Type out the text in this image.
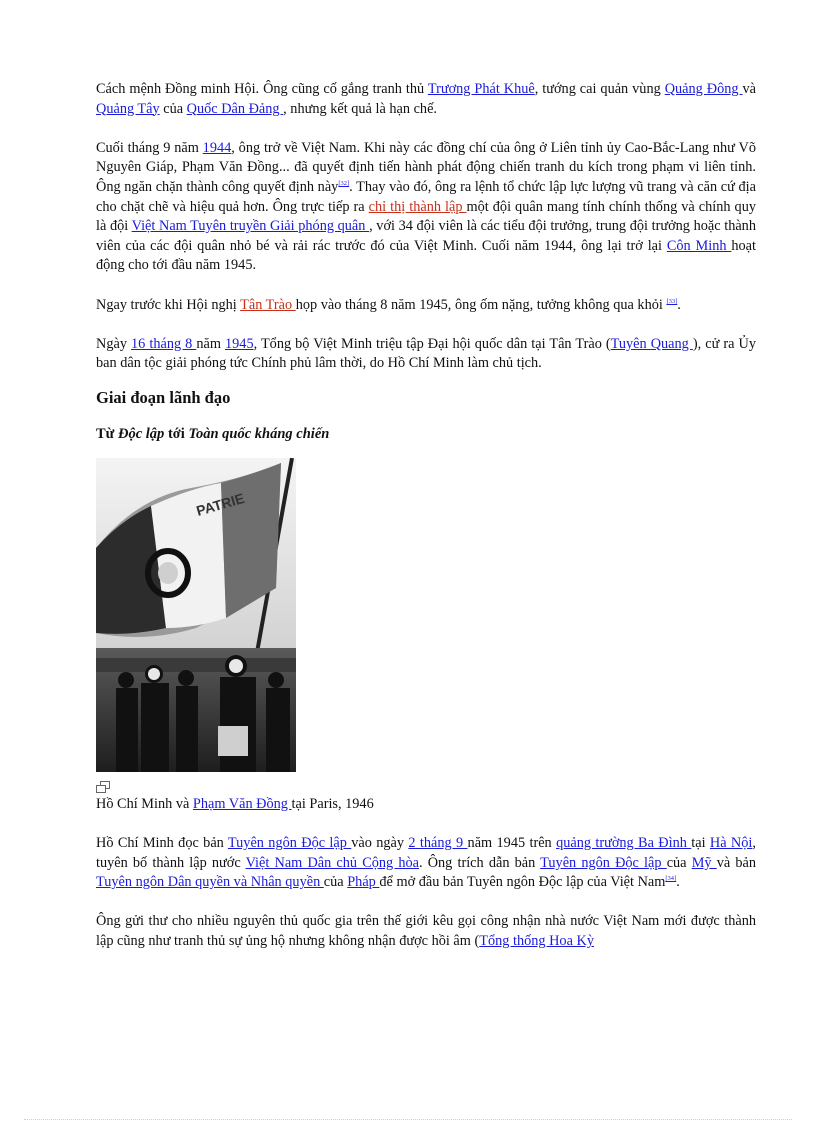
Cách mệnh Đồng minh Hội. Ông cũng cố gắng tranh thủ Trương Phát Khuê, tướng cai quản vùng Quảng Đông và Quảng Tây của Quốc Dân Đảng , nhưng kết quả là hạn chế.

Cuối tháng 9 năm 1944, ông trở về Việt Nam. Khi này các đồng chí của ông ở Liên tỉnh ủy Cao-Bắc-Lang như Võ Nguyên Giáp, Phạm Văn Đồng... đã quyết định tiến hành phát động chiến tranh du kích trong phạm vi liên tỉnh. Ông ngăn chặn thành công quyết định này[32]. Thay vào đó, ông ra lệnh tổ chức lập lực lượng vũ trang và căn cứ địa cho chặt chẽ và hiệu quả hơn. Ông trực tiếp ra chỉ thị thành lập một đội quân mang tính chính thống và chính quy là đội Việt Nam Tuyên truyền Giải phóng quân , với 34 đội viên là các tiểu đội trưởng, trung đội trưởng hoặc thành viên của các đội quân nhỏ bé và rải rác trước đó của Việt Minh. Cuối năm 1944, ông lại trở lại Côn Minh hoạt động cho tới đầu năm 1945.

Ngay trước khi Hội nghị Tân Trào họp vào tháng 8 năm 1945, ông ốm nặng, tưởng không qua khỏi [33].

Ngày 16 tháng 8 năm 1945, Tổng bộ Việt Minh triệu tập Đại hội quốc dân tại Tân Trào (Tuyên Quang ), cử ra Ủy ban dân tộc giải phóng tức Chính phủ lâm thời, do Hồ Chí Minh làm chủ tịch.

Giai đoạn lãnh đạo
Từ Độc lập tới Toàn quốc kháng chiến
PATRIE

Hồ Chí Minh và Phạm Văn Đồng tại Paris, 1946

Hồ Chí Minh đọc bản Tuyên ngôn Độc lập vào ngày 2 tháng 9 năm 1945 trên quảng trường Ba Đình tại Hà Nội, tuyên bố thành lập nước Việt Nam Dân chủ Cộng hòa. Ông trích dẫn bản Tuyên ngôn Độc lập của Mỹ và bản Tuyên ngôn Dân quyền và Nhân quyền của Pháp để mở đầu bản Tuyên ngôn Độc lập của Việt Nam[34].

Ông gửi thư cho nhiều nguyên thủ quốc gia trên thế giới kêu gọi công nhận nhà nước Việt Nam mới được thành lập cũng như tranh thủ sự ủng hộ nhưng không nhận được hồi âm (Tổng thống Hoa Kỳ
